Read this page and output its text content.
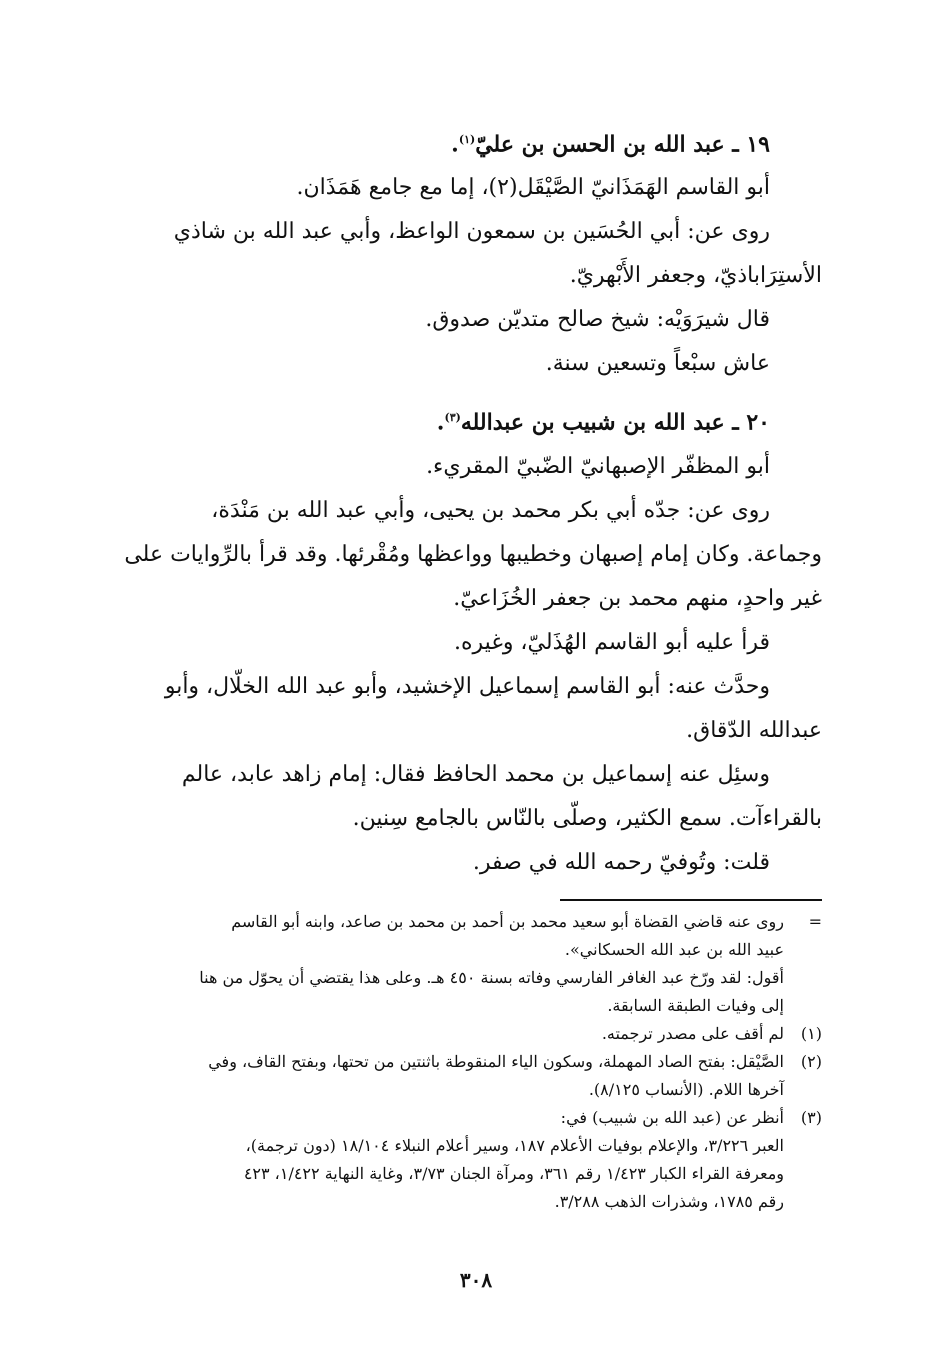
١٩ ـ عبد الله بن الحسن بن عليّ$^{(١)}$.
أبو القاسم الهَمَذَانيّ الصَّيْقَل(٢)، إما مع جامع هَمَذَان.
روى عن: أبي الحُسَين بن سمعون الواعظ، وأبي عبد الله بن شاذي
الأستِرَاباذيّ، وجعفر الأَبْهريّ.
قال شيرَوَيْه: شيخ صالح متديّن صدوق.
عاش سبْعاً وتسعين سنة.
٢٠ ـ عبد الله بن شبيب بن عبدالله$^{(٣)}$.
أبو المظفّر الإصبهانيّ الضّبيّ المقريء.
روى عن: جدّه أبي بكر محمد بن يحيى، وأبي عبد الله بن مَنْدَة،
وجماعة. وكان إمام إصبهان وخطيبها وواعظها ومُقْرئها. وقد قرأ بالرِّوايات على
غير واحدٍ، منهم محمد بن جعفر الخُزَاعيّ.
قرأ عليه أبو القاسم الهُذَليّ، وغيره.
وحدَّث عنه: أبو القاسم إسماعيل الإخشيد، وأبو عبد الله الخلّال، وأبو
عبدالله الدّقاق.
وسئِل عنه إسماعيل بن محمد الحافظ فقال: إمام زاهد عابد، عالم
بالقراءآت. سمع الكثير، وصلّى بالنّاس بالجامع سِنين.
قلت: وتُوفيّ رحمه الله في صفر.
=
روى عنه قاضي القضاة أبو سعيد محمد بن أحمد بن محمد بن صاعد، وابنه أبو القاسم
عبيد الله بن عبد الله الحسكاني».
أقول: لقد ورّخ عبد الغافر الفارسي وفاته بسنة ٤٥٠ هـ. وعلى هذا يقتضي أن يحوّل من هنا
إلى وفيات الطبقة السابقة.
(١)
لم أقف على مصدر ترجمته.
(٢)
الصَّيْقل: بفتح الصاد المهملة، وسكون الياء المنقوطة باثنتين من تحتها، وبفتح القاف، وفي
آخرها اللام. (الأنساب ٨/١٢٥).
(٣)
أنظر عن (عبد الله بن شبيب) في:
العبر ٣/٢٢٦، والإعلام بوفيات الأعلام ١٨٧، وسير أعلام النبلاء ١٨/١٠٤ (دون ترجمة)،
ومعرفة القراء الكبار ١/٤٢٣ رقم ٣٦١، ومرآة الجنان ٣/٧٣، وغاية النهاية ١/٤٢٢، ٤٢٣
رقم ١٧٨٥، وشذرات الذهب ٣/٢٨٨.
٣٠٨
